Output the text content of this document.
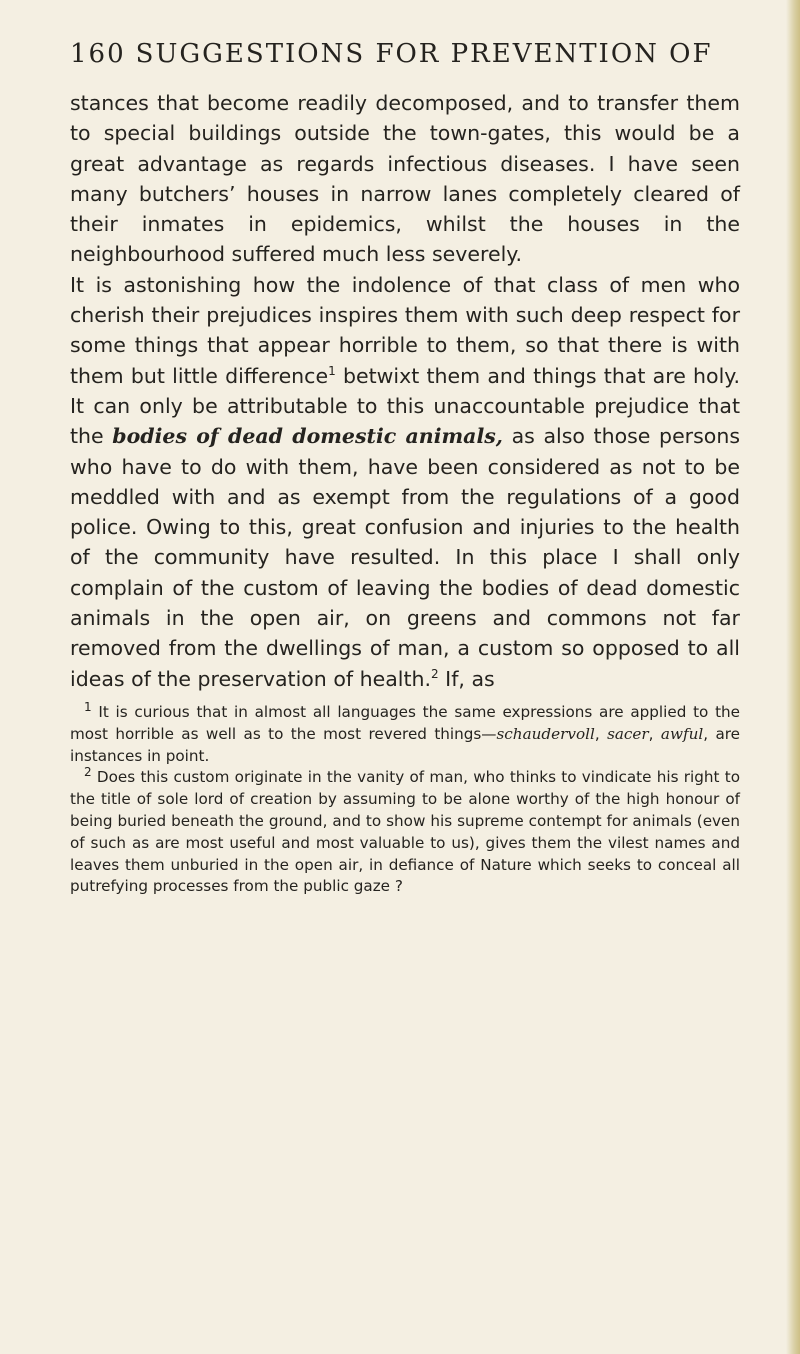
160 SUGGESTIONS FOR PREVENTION OF

stances that become readily decomposed, and to transfer them to special buildings outside the town-gates, this would be a great advantage as regards infectious diseases. I have seen many butchers’ houses in narrow lanes completely cleared of their inmates in epidemics, whilst the houses in the neighbourhood suffered much less severely.

It is astonishing how the indolence of that class of men who cherish their prejudices inspires them with such deep respect for some things that appear horrible to them, so that there is with them but little difference$^1$ betwixt them and things that are holy. It can only be attributable to this unaccountable prejudice that the bodies of dead domestic animals, as also those persons who have to do with them, have been considered as not to be meddled with and as exempt from the regulations of a good police. Owing to this, great confusion and injuries to the health of the community have resulted. In this place I shall only complain of the custom of leaving the bodies of dead domestic animals in the open air, on greens and commons not far removed from the dwellings of man, a custom so opposed to all ideas of the preservation of health.$^2$ If, as

$^1$ It is curious that in almost all languages the same expressions are applied to the most horrible as well as to the most revered things—schaudervoll, sacer, awful, are instances in point.

$^2$ Does this custom originate in the vanity of man, who thinks to vindicate his right to the title of sole lord of creation by assuming to be alone worthy of the high honour of being buried beneath the ground, and to show his supreme contempt for animals (even of such as are most useful and most valuable to us), gives them the vilest names and leaves them unburied in the open air, in defiance of Nature which seeks to conceal all putrefying processes from the public gaze ?
